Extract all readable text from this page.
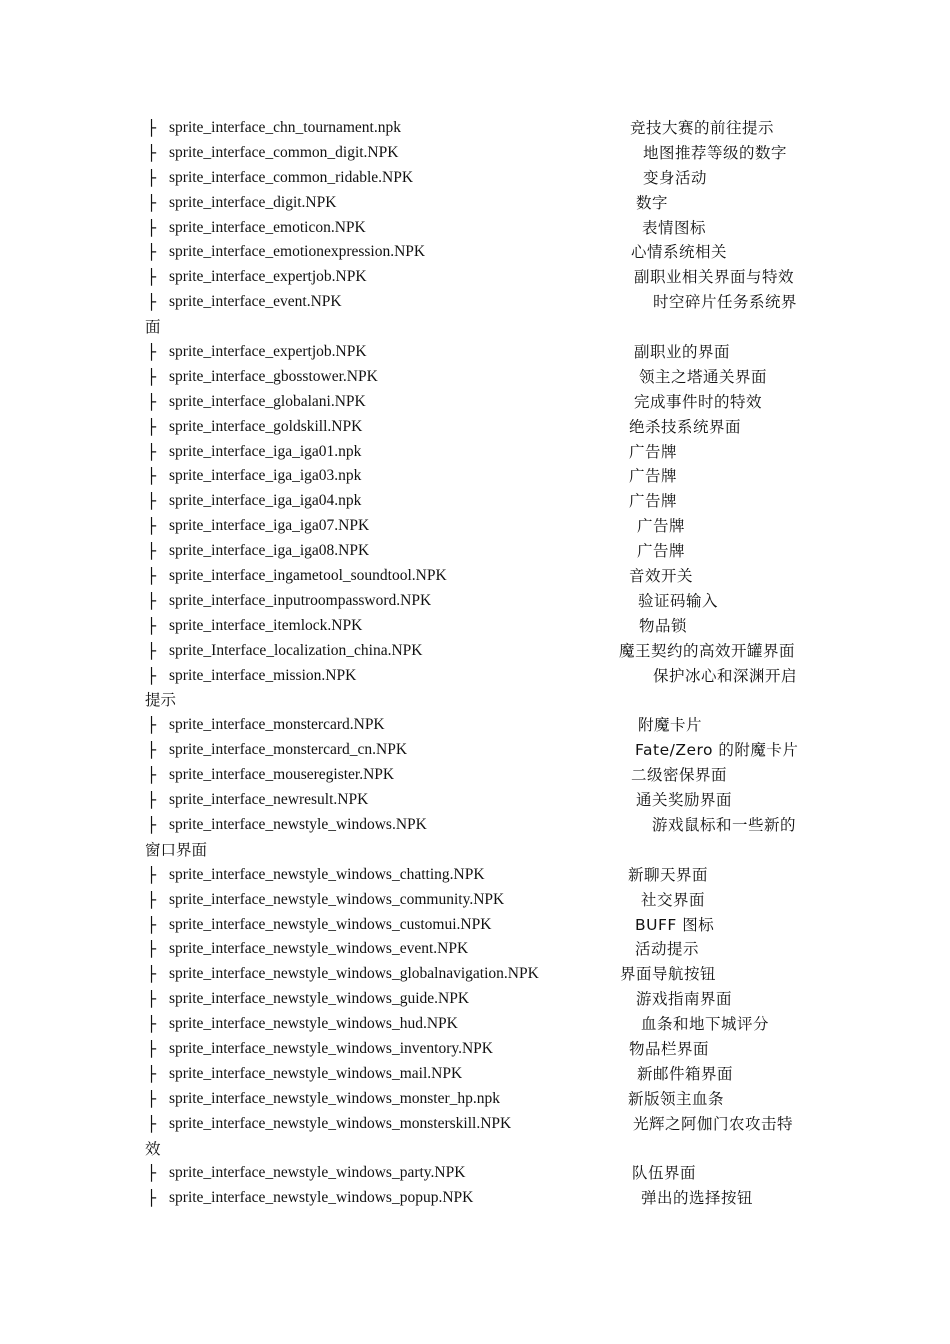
├ sprite_interface_chn_tournament.npk	竞技大赛的前往提示
├ sprite_interface_common_digit.NPK	地图推荐等级的数字
├ sprite_interface_common_ridable.NPK	变身活动
├ sprite_interface_digit.NPK	数字
├ sprite_interface_emoticon.NPK	表情图标
├ sprite_interface_emotionexpression.NPK	心情系统相关
├ sprite_interface_expertjob.NPK	副职业相关界面与特效
├ sprite_interface_event.NPK	时空碎片任务系统界
面
├ sprite_interface_expertjob.NPK	副职业的界面
├ sprite_interface_gbosstower.NPK	领主之塔通关界面
├ sprite_interface_globalani.NPK	完成事件时的特效
├ sprite_interface_goldskill.NPK	绝杀技系统界面
├ sprite_interface_iga_iga01.npk	广告牌
├ sprite_interface_iga_iga03.npk	广告牌
├ sprite_interface_iga_iga04.npk	广告牌
├ sprite_interface_iga_iga07.NPK	广告牌
├ sprite_interface_iga_iga08.NPK	广告牌
├ sprite_interface_ingametool_soundtool.NPK	音效开关
├ sprite_interface_inputroompassword.NPK	验证码输入
├ sprite_interface_itemlock.NPK	物品锁
├ sprite_Interface_localization_china.NPK	魔王契约的高效开罐界面
├ sprite_interface_mission.NPK	保护冰心和深渊开启
提示
├ sprite_interface_monstercard.NPK	附魔卡片
├ sprite_interface_monstercard_cn.NPK	Fate/Zero 的附魔卡片
├ sprite_interface_mouseregister.NPK	二级密保界面
├ sprite_interface_newresult.NPK	通关奖励界面
├ sprite_interface_newstyle_windows.NPK	游戏鼠标和一些新的
窗口界面
├ sprite_interface_newstyle_windows_chatting.NPK	新聊天界面
├ sprite_interface_newstyle_windows_community.NPK	社交界面
├ sprite_interface_newstyle_windows_customui.NPK	BUFF 图标
├ sprite_interface_newstyle_windows_event.NPK	活动提示
├ sprite_interface_newstyle_windows_globalnavigation.NPK	界面导航按钮
├ sprite_interface_newstyle_windows_guide.NPK	游戏指南界面
├ sprite_interface_newstyle_windows_hud.NPK	血条和地下城评分
├ sprite_interface_newstyle_windows_inventory.NPK	物品栏界面
├ sprite_interface_newstyle_windows_mail.NPK	新邮件箱界面
├ sprite_interface_newstyle_windows_monster_hp.npk	新版领主血条
├ sprite_interface_newstyle_windows_monsterskill.NPK	光辉之阿伽门农攻击特
效
├ sprite_interface_newstyle_windows_party.NPK	队伍界面
├ sprite_interface_newstyle_windows_popup.NPK	弹出的选择按钮
